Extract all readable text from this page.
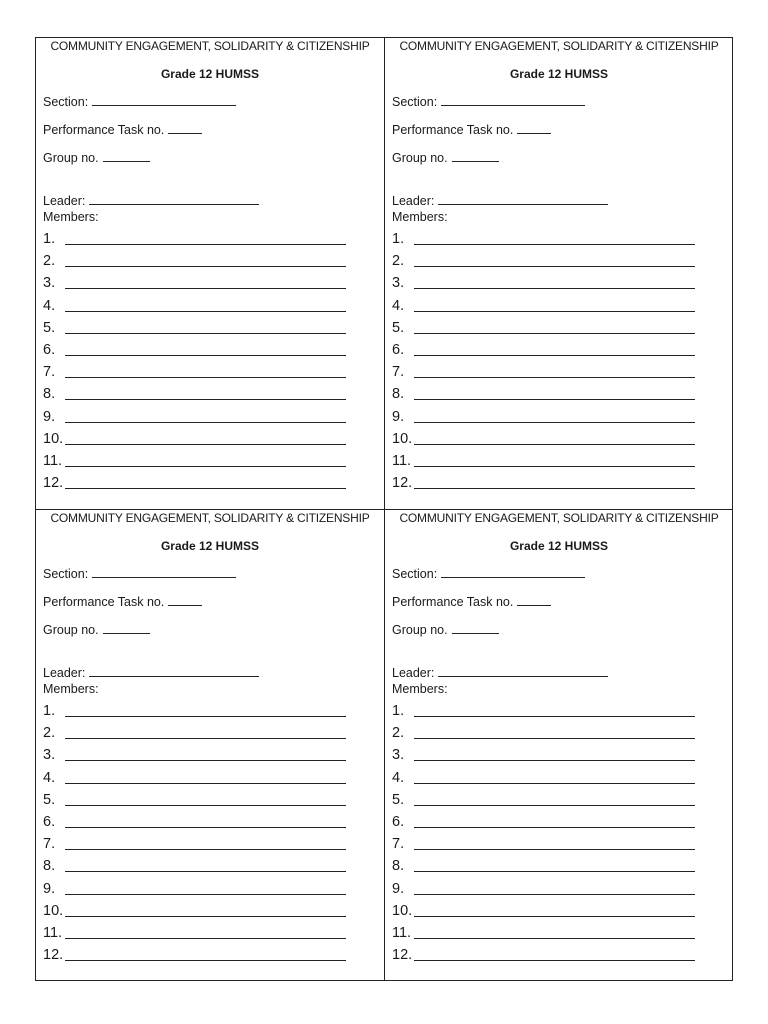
COMMUNITY ENGAGEMENT, SOLIDARITY & CITIZENSHIP
Grade 12 HUMSS
Section:
Performance Task no.
Group no.
Leader:
Members:
1.
2.
3.
4.
5.
6.
7.
8.
9.
10.
11.
12.
COMMUNITY ENGAGEMENT, SOLIDARITY & CITIZENSHIP
Grade 12 HUMSS
Section:
Performance Task no.
Group no.
Leader:
Members:
1.
2.
3.
4.
5.
6.
7.
8.
9.
10.
11.
12.
COMMUNITY ENGAGEMENT, SOLIDARITY & CITIZENSHIP
Grade 12 HUMSS
Section:
Performance Task no.
Group no.
Leader:
Members:
1.
2.
3.
4.
5.
6.
7.
8.
9.
10.
11.
12.
COMMUNITY ENGAGEMENT, SOLIDARITY & CITIZENSHIP
Grade 12 HUMSS
Section:
Performance Task no.
Group no.
Leader:
Members:
1.
2.
3.
4.
5.
6.
7.
8.
9.
10.
11.
12.
